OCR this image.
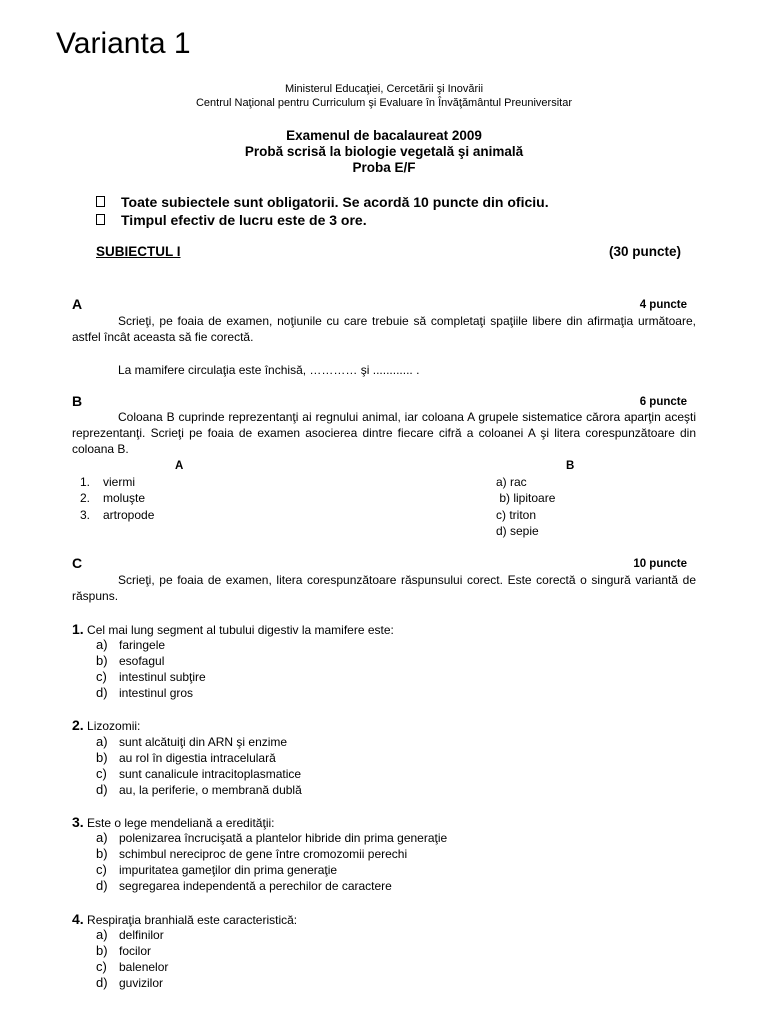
Varianta 1
Ministerul Educaţiei, Cercetării şi Inovării
Centrul Naţional pentru Curriculum şi Evaluare în Învăţământul Preuniversitar
Examenul de bacalaureat 2009
Probă scrisă la biologie vegetală şi animală
Proba E/F
Toate subiectele sunt obligatorii. Se acordă 10 puncte din oficiu.
Timpul efectiv de lucru este de 3 ore.
SUBIECTUL I	(30 puncte)
A	4 puncte
Scrieţi, pe foaia de examen, noţiunile cu care trebuie să completaţi spaţiile libere din afirmaţia următoare, astfel încât aceasta să fie corectă.
La mamifere circulaţia este închisă, ………… şi ............ .
B	6 puncte
Coloana B cuprinde reprezentanţi ai regnului animal, iar coloana A grupele sistematice cărora aparţin aceşti reprezentanţi. Scrieţi pe foaia de examen asocierea dintre fiecare cifră a coloanei A şi litera corespunzătoare din coloana B.
A	B
1. viermi
2. moluşte
3. artropode
a) rac
b) lipitoare
c) triton
d) sepie
C	10 puncte
Scrieţi, pe foaia de examen, litera corespunzătoare răspunsului corect. Este corectă o singură variantă de răspuns.
1. Cel mai lung segment al tubului digestiv la mamifere este:
a) faringele
b) esofagul
c) intestinul subţire
d) intestinul gros
2. Lizozomii:
a) sunt alcătuiţi din ARN şi enzime
b) au rol în digestia intracelulară
c) sunt canalicule intracitoplasmatice
d) au, la periferie, o membrană dublă
3. Este o lege mendeliană a eredităţii:
a) polenizarea încrucişată a plantelor hibride din prima generaţie
b) schimbul nereciproc de gene între cromozomii perechi
c) impuritatea gameţilor din prima generaţie
d) segregarea independentă a perechilor de caractere
4. Respiraţia branhială este caracteristică:
a) delfinilor
b) focilor
c) balenelor
d) guvizilor
